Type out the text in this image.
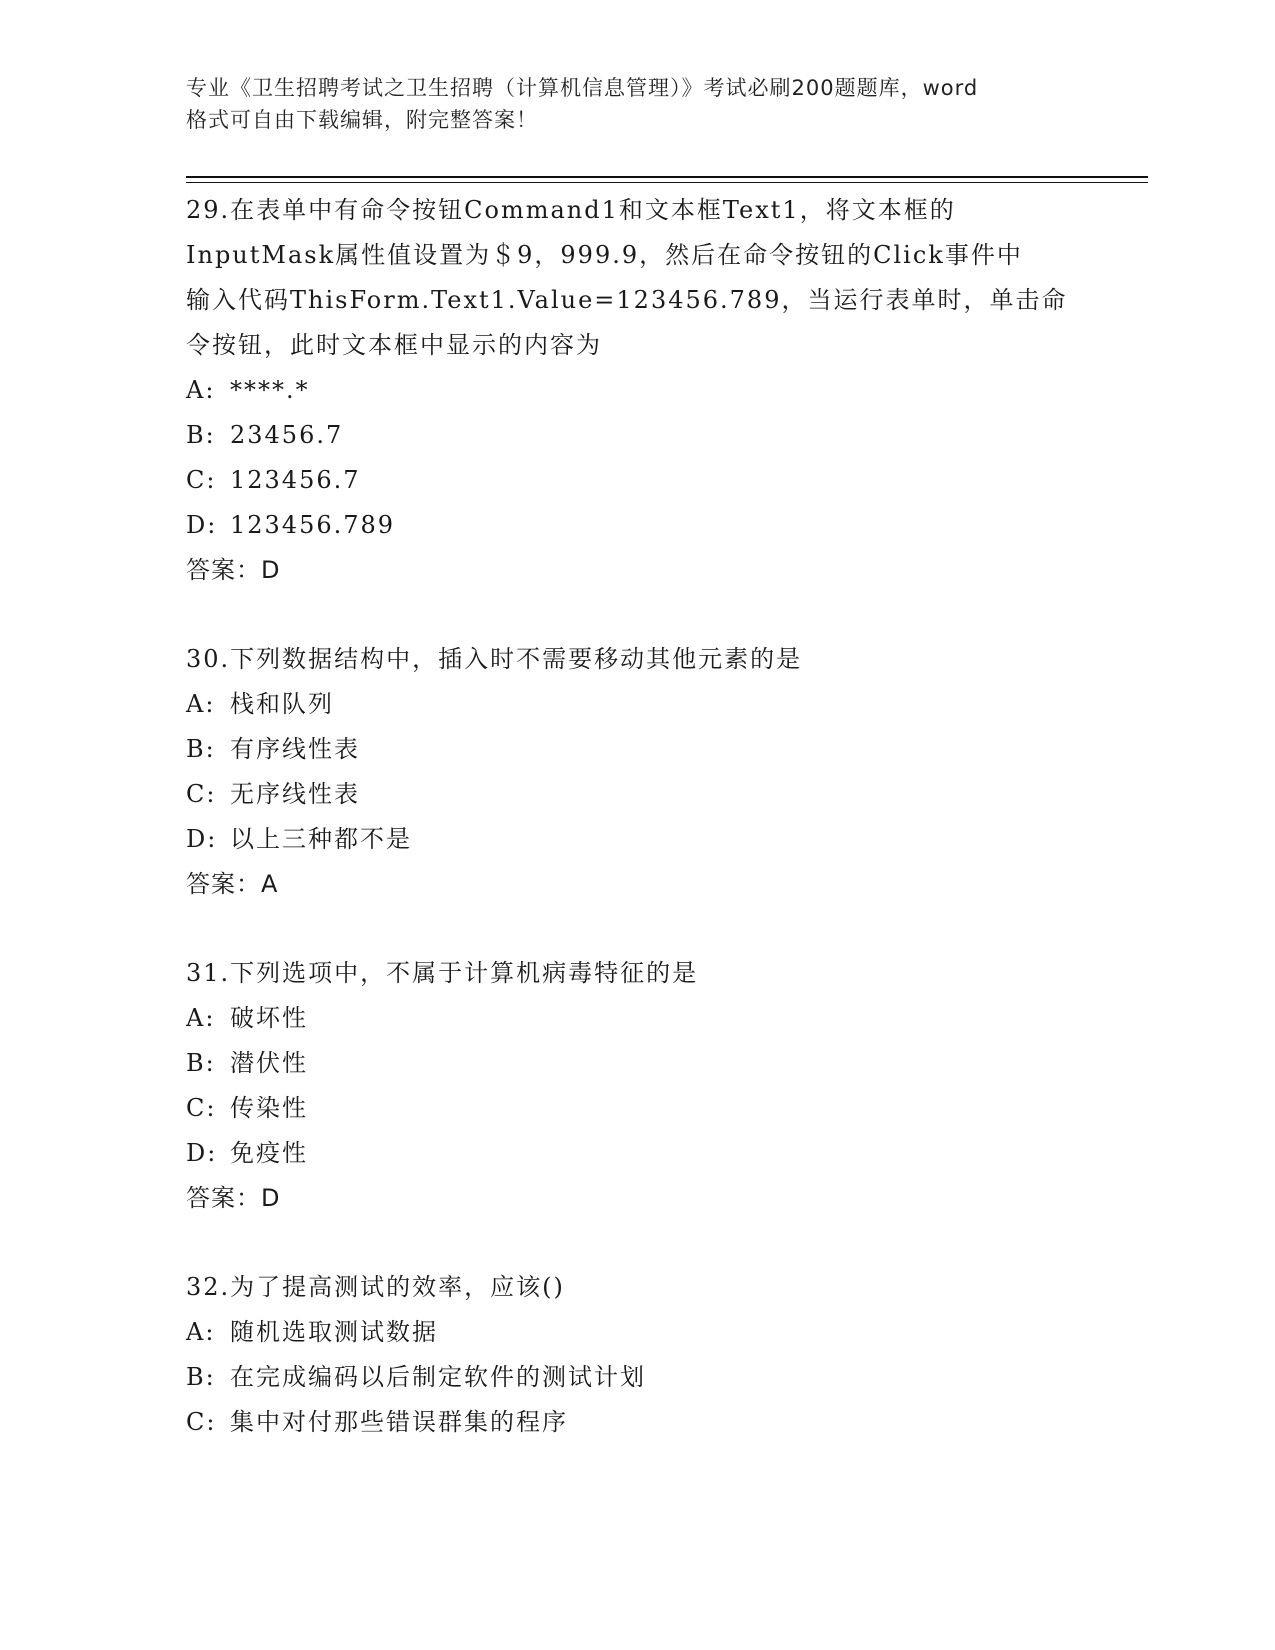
专业《卫生招聘考试之卫生招聘（计算机信息管理）》考试必刷200题题库，word
格式可自由下载编辑，附完整答案！
29.在表单中有命令按钮Command1和文本框Text1，将文本框的
InputMask属性值设置为＄9，999.9，然后在命令按钮的Click事件中
输入代码ThisForm.Text1.Value=123456.789，当运行表单时，单击命
令按钮，此时文本框中显示的内容为
A: ****.*
B: 23456.7
C: 123456.7
D: 123456.789
答案：D
30.下列数据结构中，插入时不需要移动其他元素的是
A: 栈和队列
B: 有序线性表
C: 无序线性表
D: 以上三种都不是
答案：A
31.下列选项中，不属于计算机病毒特征的是
A: 破坏性
B: 潜伏性
C: 传染性
D: 免疫性
答案：D
32.为了提高测试的效率，应该()
A: 随机选取测试数据
B: 在完成编码以后制定软件的测试计划
C: 集中对付那些错误群集的程序
